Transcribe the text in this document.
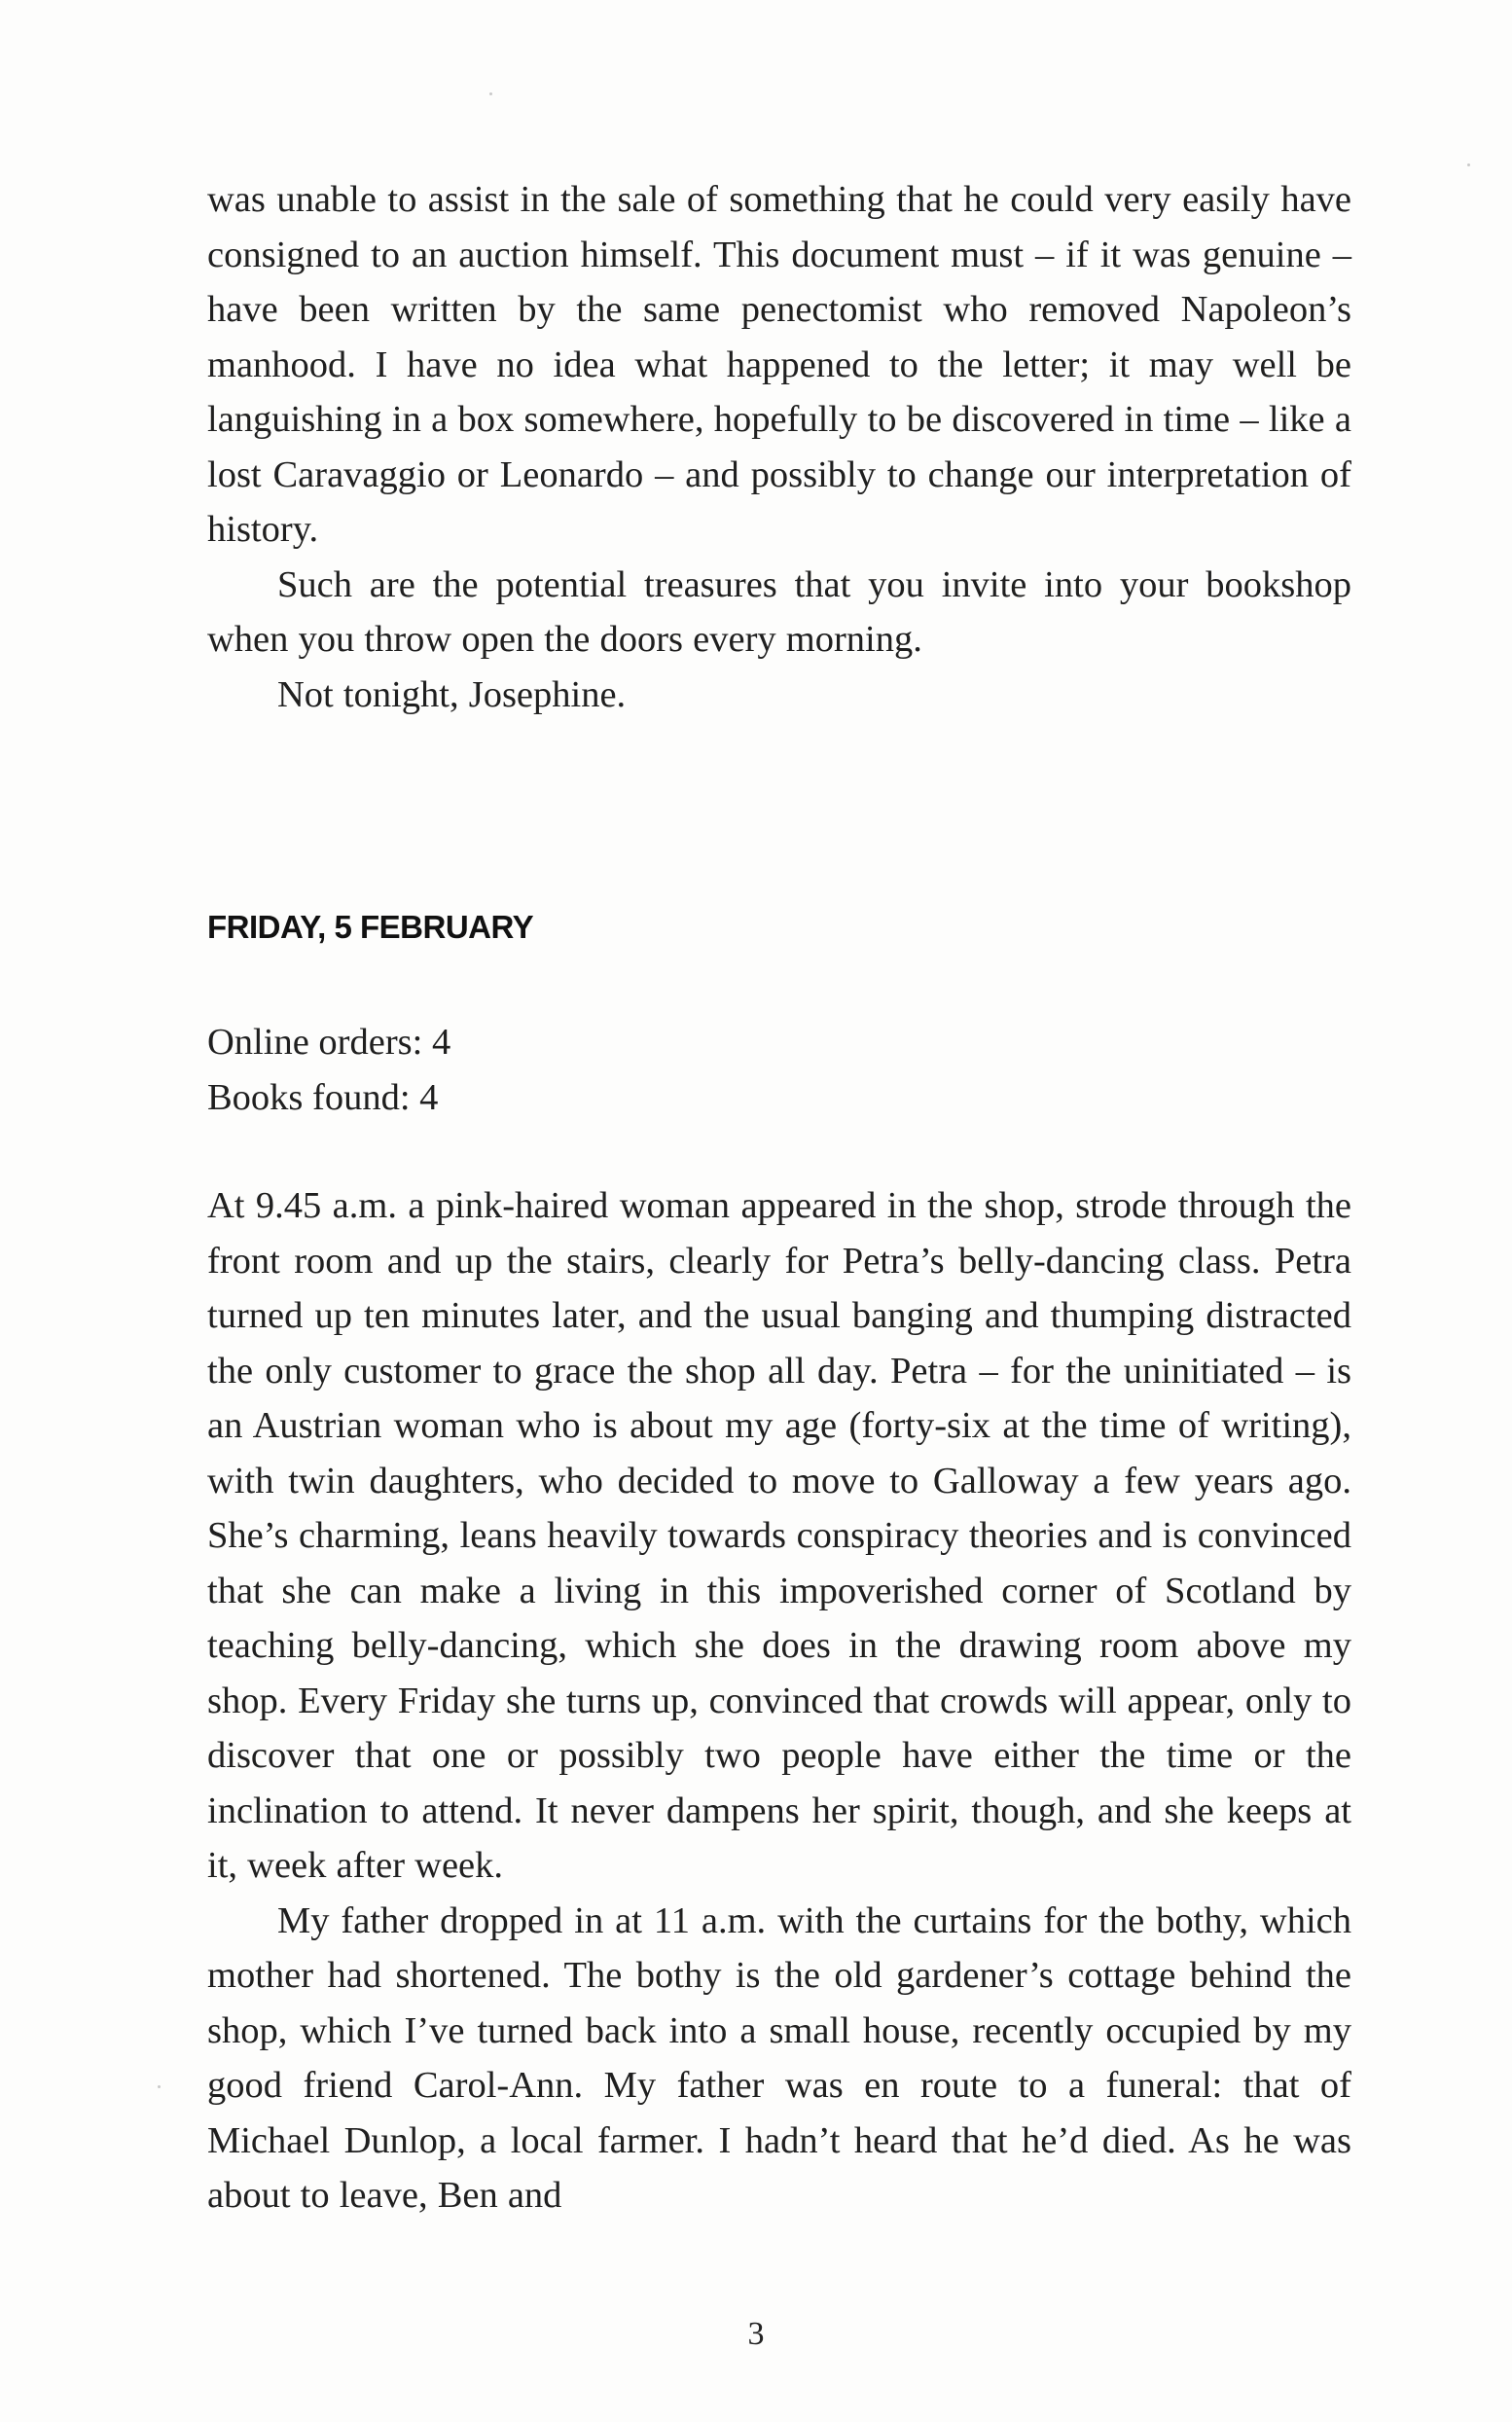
was unable to assist in the sale of something that he could very easily have consigned to an auction himself. This document must – if it was genuine – have been written by the same penectomist who removed Napoleon’s manhood. I have no idea what happened to the letter; it may well be languishing in a box somewhere, hopefully to be discovered in time – like a lost Caravaggio or Leonardo – and possibly to change our interpretation of history.

Such are the potential treasures that you invite into your bookshop when you throw open the doors every morning.

Not tonight, Josephine.

FRIDAY, 5 FEBRUARY
Online orders: 4
Books found: 4

At 9.45 a.m. a pink-haired woman appeared in the shop, strode through the front room and up the stairs, clearly for Petra’s belly-dancing class. Petra turned up ten minutes later, and the usual banging and thumping distracted the only customer to grace the shop all day. Petra – for the uninitiated – is an Austrian woman who is about my age (forty-six at the time of writing), with twin daughters, who decided to move to Galloway a few years ago. She’s charming, leans heavily towards conspiracy theories and is convinced that she can make a living in this impoverished corner of Scotland by teaching belly-dancing, which she does in the drawing room above my shop. Every Friday she turns up, convinced that crowds will appear, only to discover that one or possibly two people have either the time or the inclination to attend. It never dampens her spirit, though, and she keeps at it, week after week.

My father dropped in at 11 a.m. with the curtains for the bothy, which mother had shortened. The bothy is the old gardener’s cottage behind the shop, which I’ve turned back into a small house, recently occupied by my good friend Carol-Ann. My father was en route to a funeral: that of Michael Dunlop, a local farmer. I hadn’t heard that he’d died. As he was about to leave, Ben and

3
